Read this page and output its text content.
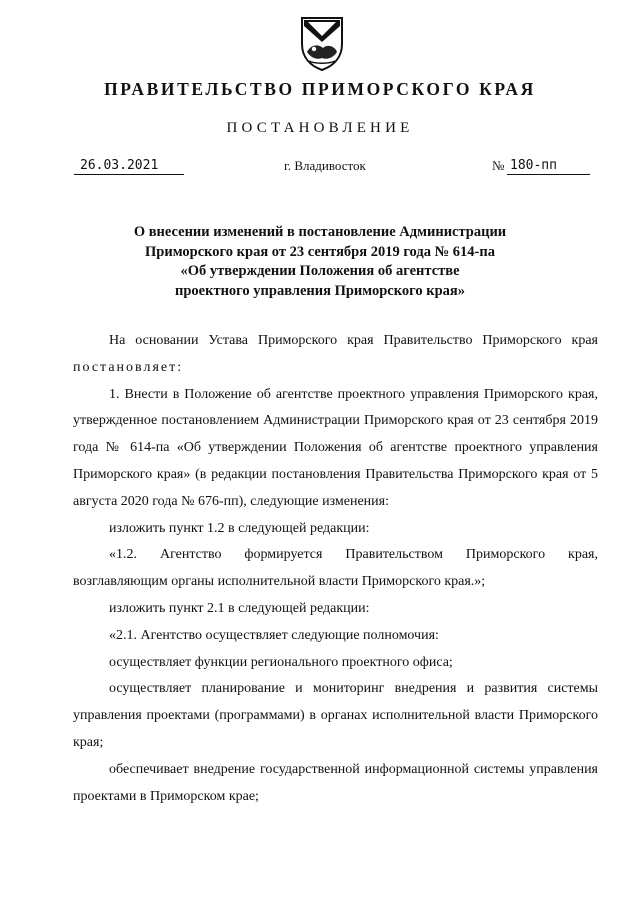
ПРАВИТЕЛЬСТВО ПРИМОРСКОГО КРАЯ
ПОСТАНОВЛЕНИЕ
26.03.2021	г. Владивосток	№ 180-пп
О внесении изменений в постановление Администрации
Приморского края от 23 сентября 2019 года № 614-па
«Об утверждении Положения об агентстве
проектного управления Приморского края»

На основании Устава Приморского края Правительство Приморского края постановляет:

1. Внести в Положение об агентстве проектного управления Приморского края, утвержденное постановлением Администрации Приморского края от 23 сентября 2019 года № 614-па «Об утверждении Положения об агентстве проектного управления Приморского края» (в редакции постановления Правительства Приморского края от 5 августа 2020 года № 676-пп), следующие изменения:

изложить пункт 1.2 в следующей редакции:

«1.2. Агентство формируется Правительством Приморского края, возглавляющим органы исполнительной власти Приморского края.»;

изложить пункт 2.1 в следующей редакции:

«2.1. Агентство осуществляет следующие полномочия:

осуществляет функции регионального проектного офиса;

осуществляет планирование и мониторинг внедрения и развития системы управления проектами (программами) в органах исполнительной власти Приморского края;

обеспечивает внедрение государственной информационной системы управления проектами в Приморском крае;
